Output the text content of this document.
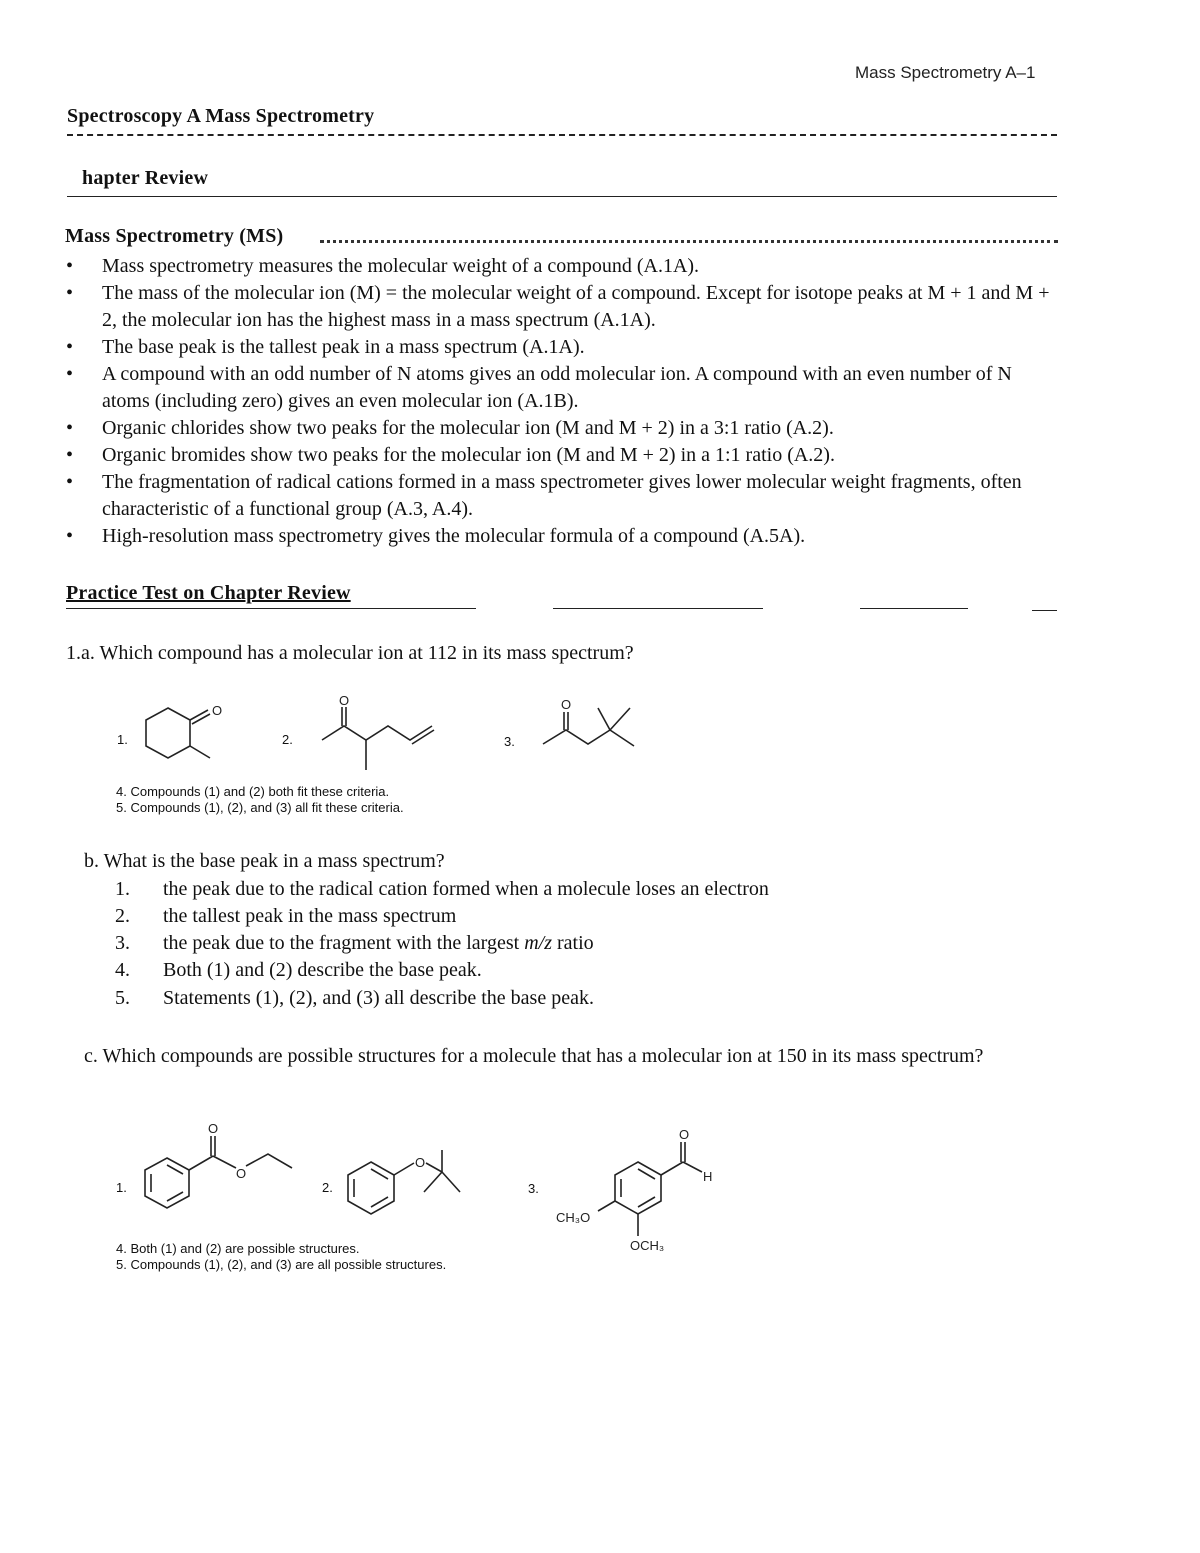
Mass Spectrometry A–1
Spectroscopy A Mass Spectrometry
hapter Review
Mass Spectrometry (MS)
• Mass spectrometry measures the molecular weight of a compound (A.1A).
• The mass of the molecular ion (M) = the molecular weight of a compound. Except for isotope peaks at M + 1 and M + 2, the molecular ion has the highest mass in a mass spectrum (A.1A).
• The base peak is the tallest peak in a mass spectrum (A.1A).
• A compound with an odd number of N atoms gives an odd molecular ion. A compound with an even number of N atoms (including zero) gives an even molecular ion (A.1B).
• Organic chlorides show two peaks for the molecular ion (M and M + 2) in a 3:1 ratio (A.2).
• Organic bromides show two peaks for the molecular ion (M and M + 2) in a 1:1 ratio (A.2).
• The fragmentation of radical cations formed in a mass spectrometer gives lower molecular weight fragments, often characteristic of a functional group (A.3, A.4).
• High-resolution mass spectrometry gives the molecular formula of a compound (A.5A).
Practice Test on Chapter Review
1.a. Which compound has a molecular ion at 112 in its mass spectrum?
1.	2.	3.
O
O	O
4. Compounds (1) and (2) both fit these criteria.
5. Compounds (1), (2), and (3) all fit these criteria.
b. What is the base peak in a mass spectrum?
1. the peak due to the radical cation formed when a molecule loses an electron
2. the tallest peak in the mass spectrum
3. the peak due to the fragment with the largest m/z ratio
4. Both (1) and (2) describe the base peak.
5. Statements (1), (2), and (3) all describe the base peak.
c. Which compounds are possible structures for a molecule that has a molecular ion at 150 in its mass spectrum?
1.	2.	3.
O
O
O
O
H
CH₃O
OCH₃
4. Both (1) and (2) are possible structures.
5. Compounds (1), (2), and (3) are all possible structures.
